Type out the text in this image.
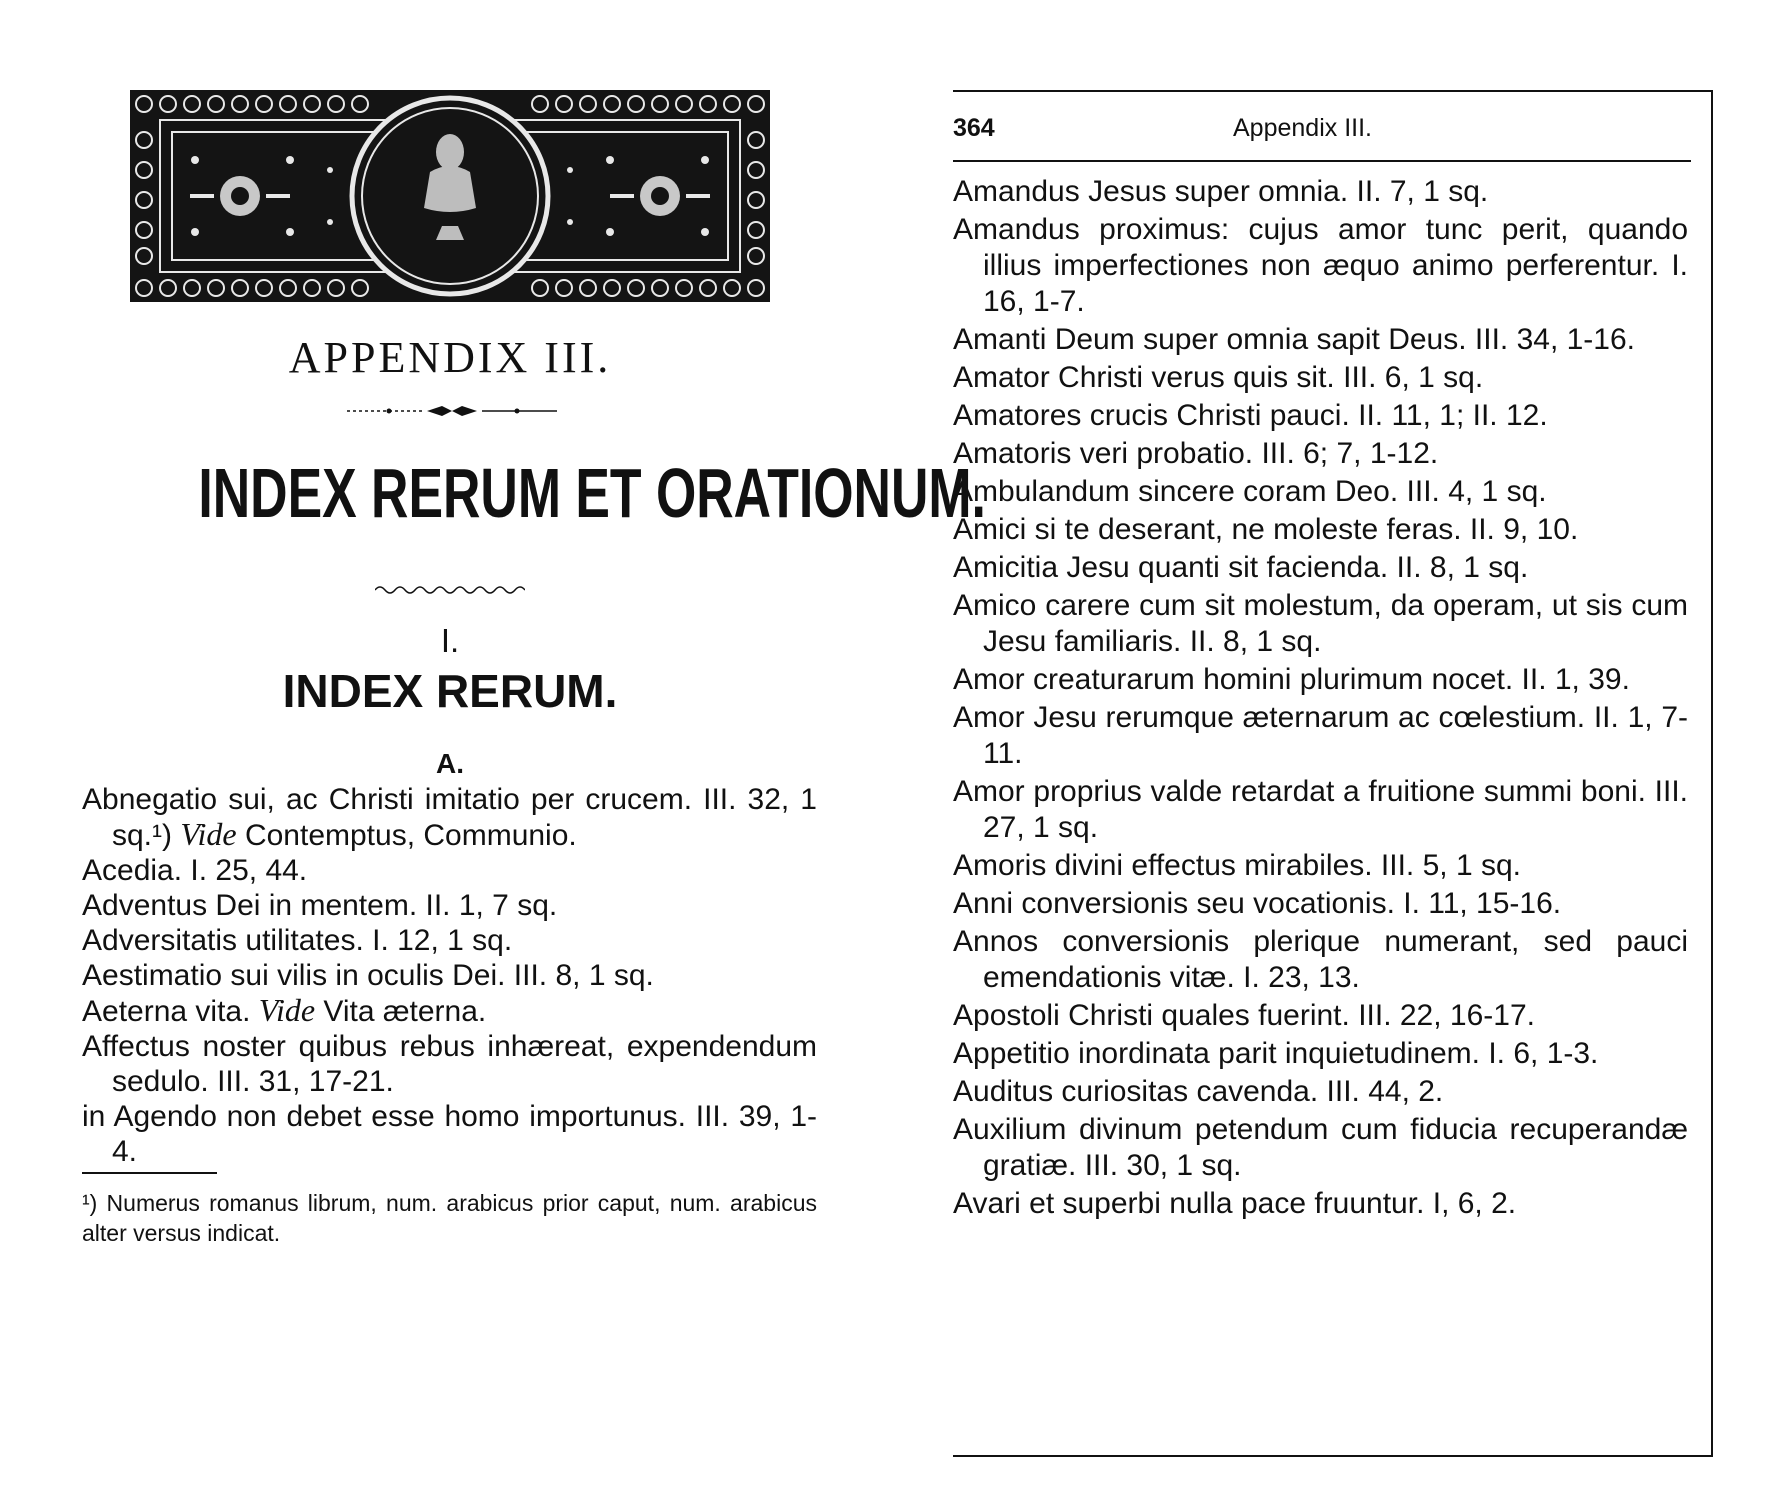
APPENDIX III.
INDEX RERUM ET ORATIONUM.
I.
INDEX RERUM.
A.

Abnegatio sui, ac Christi imitatio per crucem. III. 32, 1 sq.¹) Vide Contemptus, Communio.

Acedia. I. 25, 44.

Adventus Dei in mentem. II. 1, 7 sq.

Adversitatis utilitates. I. 12, 1 sq.

Aestimatio sui vilis in oculis Dei. III. 8, 1 sq.

Aeterna vita. Vide Vita æterna.

Affectus noster quibus rebus inhæreat, expendendum sedulo. III. 31, 17-21.

in Agendo non debet esse homo importunus. III. 39, 1-4.

¹) Numerus romanus librum, num. arabicus prior caput, num. arabicus alter versus indicat.
364	Appendix III.

Amandus Jesus super omnia. II. 7, 1 sq.

Amandus proximus: cujus amor tunc perit, quando illius imperfectiones non æquo animo perferentur. I. 16, 1-7.

Amanti Deum super omnia sapit Deus. III. 34, 1-16.

Amator Christi verus quis sit. III. 6, 1 sq.

Amatores crucis Christi pauci. II. 11, 1; II. 12.

Amatoris veri probatio. III. 6; 7, 1-12.

Ambulandum sincere coram Deo. III. 4, 1 sq.

Amici si te deserant, ne moleste feras. II. 9, 10.

Amicitia Jesu quanti sit facienda. II. 8, 1 sq.

Amico carere cum sit molestum, da operam, ut sis cum Jesu familiaris. II. 8, 1 sq.

Amor creaturarum homini plurimum nocet. II. 1, 39.

Amor Jesu rerumque æternarum ac cœlestium. II. 1, 7-11.

Amor proprius valde retardat a fruitione summi boni. III. 27, 1 sq.

Amoris divini effectus mirabiles. III. 5, 1 sq.

Anni conversionis seu vocationis. I. 11, 15-16.

Annos conversionis plerique numerant, sed pauci emendationis vitæ. I. 23, 13.

Apostoli Christi quales fuerint. III. 22, 16-17.

Appetitio inordinata parit inquietudinem. I. 6, 1-3.

Auditus curiositas cavenda. III. 44, 2.

Auxilium divinum petendum cum fiducia recuperandæ gratiæ. III. 30, 1 sq.

Avari et superbi nulla pace fruuntur. I, 6, 2.
